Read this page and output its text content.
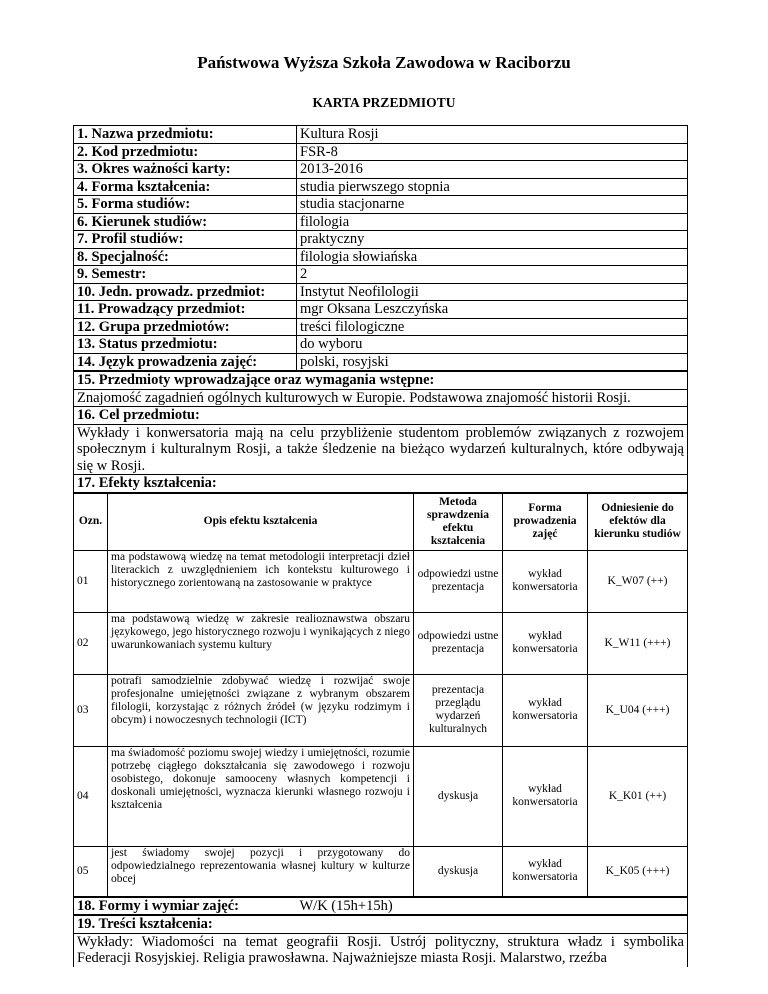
Państwowa Wyższa Szkoła Zawodowa w Raciborzu
KARTA PRZEDMIOTU
1. Nazwa przedmiotu:	Kultura Rosji
2. Kod przedmiotu:	FSR-8
3. Okres ważności karty:	2013-2016
4. Forma kształcenia:	studia pierwszego stopnia
5. Forma studiów:	studia stacjonarne
6. Kierunek studiów:	filologia
7. Profil studiów:	praktyczny
8. Specjalność:	filologia słowiańska
9. Semestr:	2
10. Jedn. prowadz. przedmiot:	Instytut Neofilologii
11. Prowadzący przedmiot:	mgr Oksana Leszczyńska
12. Grupa przedmiotów:	treści filologiczne
13. Status przedmiotu:	do wyboru
14. Język prowadzenia zajęć:	polski, rosyjski
15. Przedmioty wprowadzające oraz wymagania wstępne:
Znajomość zagadnień ogólnych kulturowych w Europie. Podstawowa znajomość historii Rosji.
16. Cel przedmiotu:
Wykłady i konwersatoria mają na celu przybliżenie studentom problemów związanych z rozwojem społecznym i kulturalnym Rosji, a także śledzenie na bieżąco wydarzeń kulturalnych, które odbywają się w Rosji.
17. Efekty kształcenia:
Ozn.	Opis efektu kształcenia	Metoda sprawdzenia efektu kształcenia	Forma prowadzenia zajęć	Odniesienie do efektów dla kierunku studiów
01	ma podstawową wiedzę na temat metodologii interpretacji dzieł literackich z uwzględnieniem ich kontekstu kulturowego i historycznego zorientowaną na zastosowanie w praktyce	odpowiedzi ustne prezentacja	wykład konwersatoria	K_W07 (++)
02	ma podstawową wiedzę w zakresie realioznawstwa obszaru językowego, jego historycznego rozwoju i wynikających z niego uwarunkowaniach systemu kultury	odpowiedzi ustne prezentacja	wykład konwersatoria	K_W11 (+++)
03	potrafi samodzielnie zdobywać wiedzę i rozwijać swoje profesjonalne umiejętności związane z wybranym obszarem filologii, korzystając z różnych źródeł (w języku rodzimym i obcym) i nowoczesnych technologii (ICT)	prezentacja przeglądu wydarzeń kulturalnych	wykład konwersatoria	K_U04 (+++)
04	ma świadomość poziomu swojej wiedzy i umiejętności, rozumie potrzebę ciągłego dokształcania się zawodowego i rozwoju osobistego, dokonuje samooceny własnych kompetencji i doskonali umiejętności, wyznacza kierunki własnego rozwoju i kształcenia	dyskusja	wykład konwersatoria	K_K01 (++)
05	jest świadomy swojej pozycji i przygotowany do odpowiedzialnego reprezentowania własnej kultury w kulturze obcej	dyskusja	wykład konwersatoria	K_K05 (+++)
18. Formy i wymiar zajęć:	W/K (15h+15h)
19. Treści kształcenia:
Wykłady: Wiadomości na temat geografii Rosji. Ustrój polityczny, struktura władz i symbolika Federacji Rosyjskiej. Religia prawosławna. Najważniejsze miasta Rosji. Malarstwo, rzeźba
